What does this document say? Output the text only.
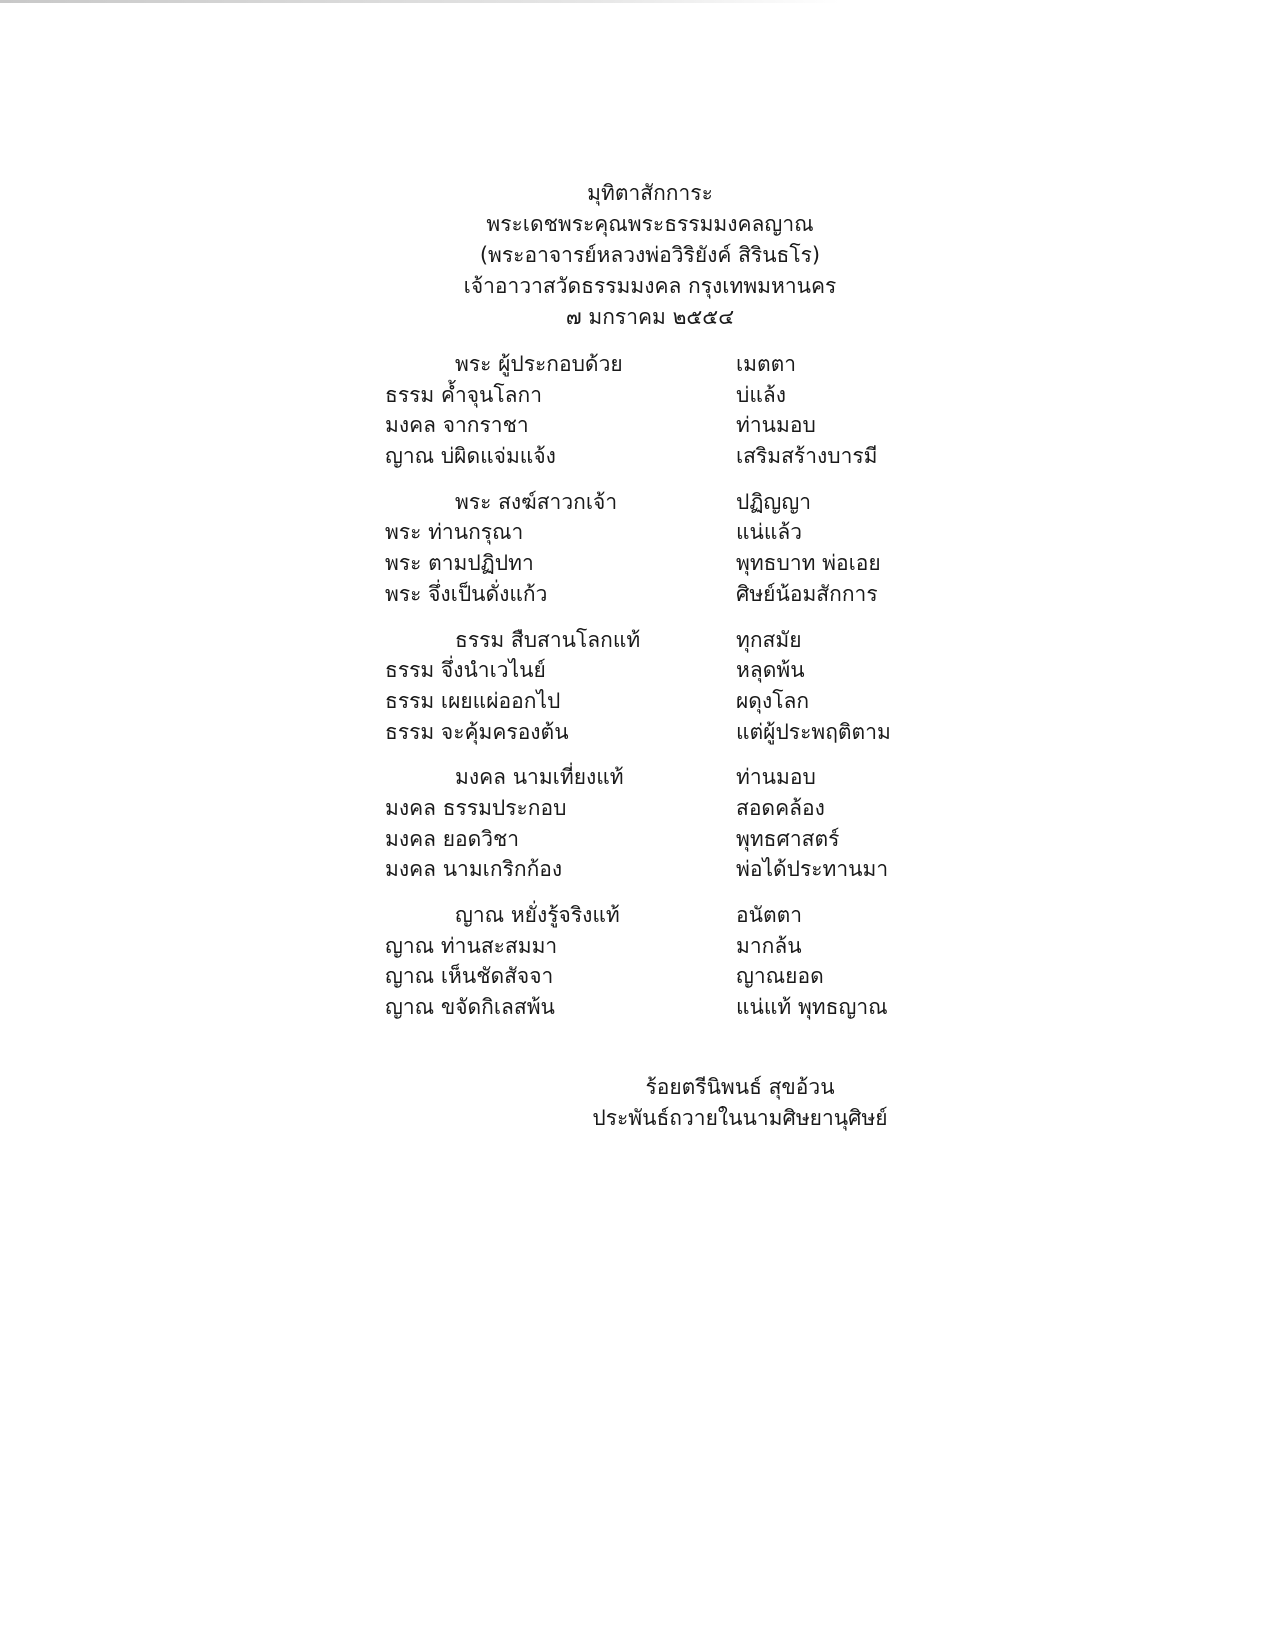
มุทิตาสักการะ
พระเดชพระคุณพระธรรมมงคลญาณ
(พระอาจารย์หลวงพ่อวิริยังค์ สิรินธโร)
เจ้าอาวาสวัดธรรมมงคล กรุงเทพมหานคร
๗ มกราคม ๒๕๕๔
พระ ผู้ประกอบด้วย	เมตตา
ธรรม ค้ำจุนโลกา	บ่แล้ง
มงคล จากราชา	ท่านมอบ
ญาณ บ่ผิดแจ่มแจ้ง	เสริมสร้างบารมี
พระ สงฆ์สาวกเจ้า	ปฏิญญา
พระ ท่านกรุณา	แน่แล้ว
พระ ตามปฏิปทา	พุทธบาท พ่อเอย
พระ จึ่งเป็นดั่งแก้ว	ศิษย์น้อมสักการ
ธรรม สืบสานโลกแท้	ทุกสมัย
ธรรม จึ่งนำเวไนย์	หลุดพ้น
ธรรม เผยแผ่ออกไป	ผดุงโลก
ธรรม จะคุ้มครองต้น	แต่ผู้ประพฤติตาม
มงคล นามเที่ยงแท้	ท่านมอบ
มงคล ธรรมประกอบ	สอดคล้อง
มงคล ยอดวิชา	พุทธศาสตร์
มงคล นามเกริกก้อง	พ่อได้ประทานมา
ญาณ หยั่งรู้จริงแท้	อนัตตา
ญาณ ท่านสะสมมา	มากล้น
ญาณ เห็นชัดสัจจา	ญาณยอด
ญาณ ขจัดกิเลสพ้น	แน่แท้ พุทธญาณ
ร้อยตรีนิพนธ์ สุขอ้วน
ประพันธ์ถวายในนามศิษยานุศิษย์
